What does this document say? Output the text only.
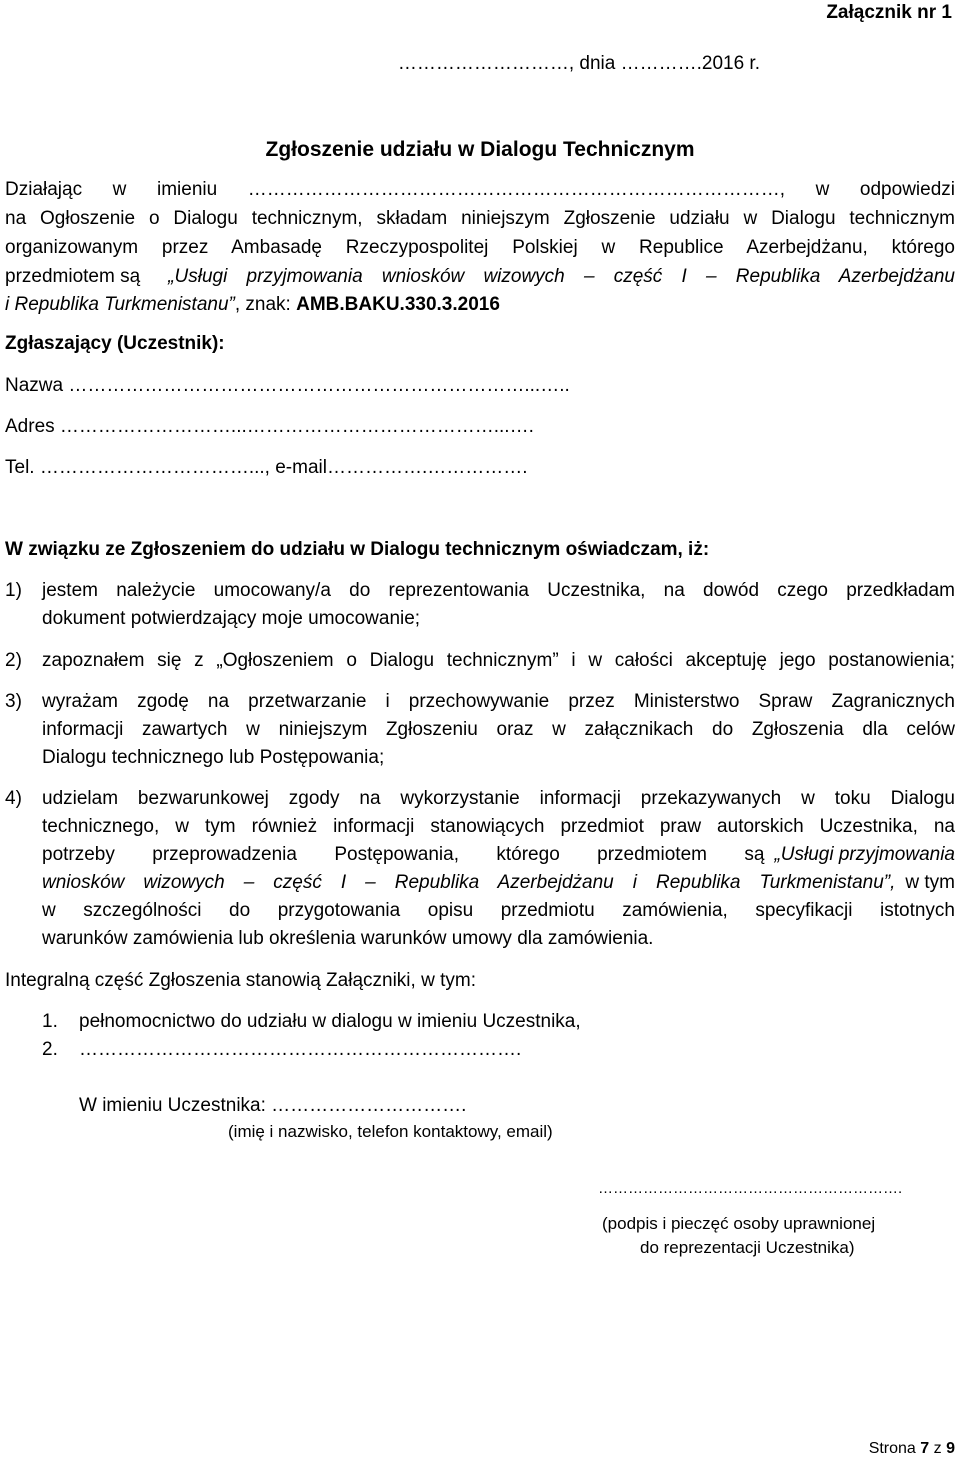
Załącznik nr 1
………………………, dnia ………….2016 r.
Zgłoszenie udziału w Dialogu Technicznym
Działając w imieniu …………………………………………………………………………, w odpowiedzi
na Ogłoszenie o Dialogu technicznym, składam niniejszym Zgłoszenie udziału w Dialogu technicznym
organizowanym przez Ambasadę Rzeczypospolitej Polskiej w Republice Azerbejdżanu, którego
przedmiotem są „Usługi przyjmowania wniosków wizowych – część I – Republika Azerbejdżanu
i Republika Turkmenistanu”, znak: AMB.BAKU.330.3.2016
Zgłaszający (Uczestnik):
Nazwa ………………………………………………………………...…..
Adres ………………………...…………………………………...….
Tel. ……………………………..., e-mail…………….…………….
W związku ze Zgłoszeniem do udziału w Dialogu technicznym oświadczam, iż:
1) jestem należycie umocowany/a do reprezentowania Uczestnika, na dowód czego przedkładam
dokument potwierdzający moje umocowanie;
2) zapoznałem się z „Ogłoszeniem o Dialogu technicznym” i w całości akceptuję jego postanowienia;
3) wyrażam zgodę na przetwarzanie i przechowywanie przez Ministerstwo Spraw Zagranicznych
informacji zawartych w niniejszym Zgłoszeniu oraz w załącznikach do Zgłoszenia dla celów
Dialogu technicznego lub Postępowania;
4) udzielam bezwarunkowej zgody na wykorzystanie informacji przekazywanych w toku Dialogu
technicznego, w tym również informacji stanowiących przedmiot praw autorskich Uczestnika, na
potrzeby przeprowadzenia Postępowania, którego przedmiotem są „Usługi przyjmowania
wniosków wizowych – część I – Republika Azerbejdżanu i Republika Turkmenistanu”, w tym
w szczególności do przygotowania opisu przedmiotu zamówienia, specyfikacji istotnych
warunków zamówienia lub określenia warunków umowy dla zamówienia.
Integralną część Zgłoszenia stanowią Załączniki, w tym:
1. pełnomocnictwo do udziału w dialogu w imieniu Uczestnika,
2. …………………………………………………………….
W imieniu Uczestnika: ………………………….
(imię i nazwisko, telefon kontaktowy, email)
…………………………………………………….
(podpis i pieczęć osoby uprawnionej
do reprezentacji Uczestnika)
Strona 7 z 9
